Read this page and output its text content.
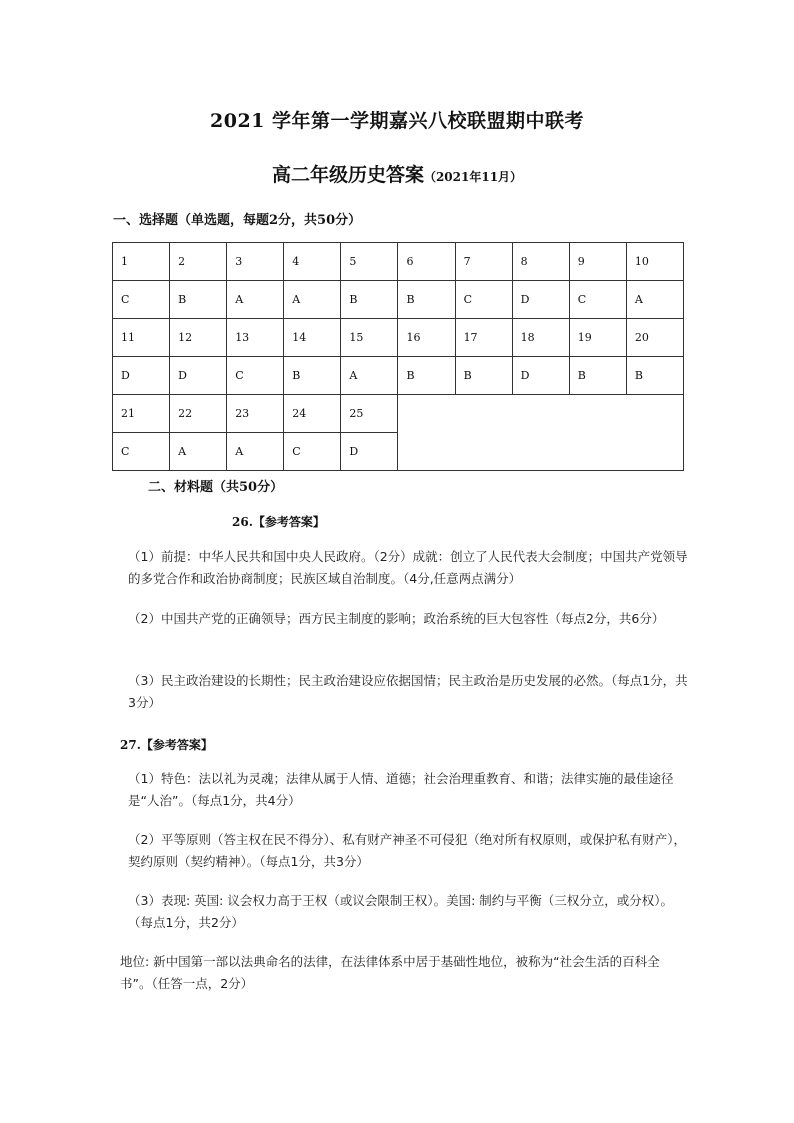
2021 学年第一学期嘉兴八校联盟期中联考
高二年级历史答案（2021年11月）
一、选择题（单选题，每题2分，共50分）
1	2	3	4	5	6	7	8	9	10
C	B	A	A	B	B	C	D	C	A
11	12	13	14	15	16	17	18	19	20
D	D	C	B	A	B	B	D	B	B
21	22	23	24	25					
C	A	A	C	D					
二、材料题（共50分）
26.【参考答案】
（1）前提：中华人民共和国中央人民政府。（2分）成就：创立了人民代表大会制度；中国共产党领导的多党合作和政治协商制度；民族区域自治制度。（4分,任意两点满分）
（2）中国共产党的正确领导；西方民主制度的影响；政治系统的巨大包容性（每点2分，共6分）
（3）民主政治建设的长期性；民主政治建设应依据国情；民主政治是历史发展的必然。（每点1分，共3分）
27.【参考答案】
（1）特色：法以礼为灵魂；法律从属于人情、道德；社会治理重教育、和谐；法律实施的最佳途径是“人治”。（每点1分，共4分）
（2）平等原则（答主权在民不得分）、私有财产神圣不可侵犯（绝对所有权原则，或保护私有财产），契约原则（契约精神）。（每点1分，共3分）
（3）表现: 英国: 议会权力高于王权（或议会限制王权）。美国: 制约与平衡（三权分立，或分权）。（每点1分，共2分）
地位: 新中国第一部以法典命名的法律，在法律体系中居于基础性地位，被称为“社会生活的百科全书”。（任答一点，2分）
